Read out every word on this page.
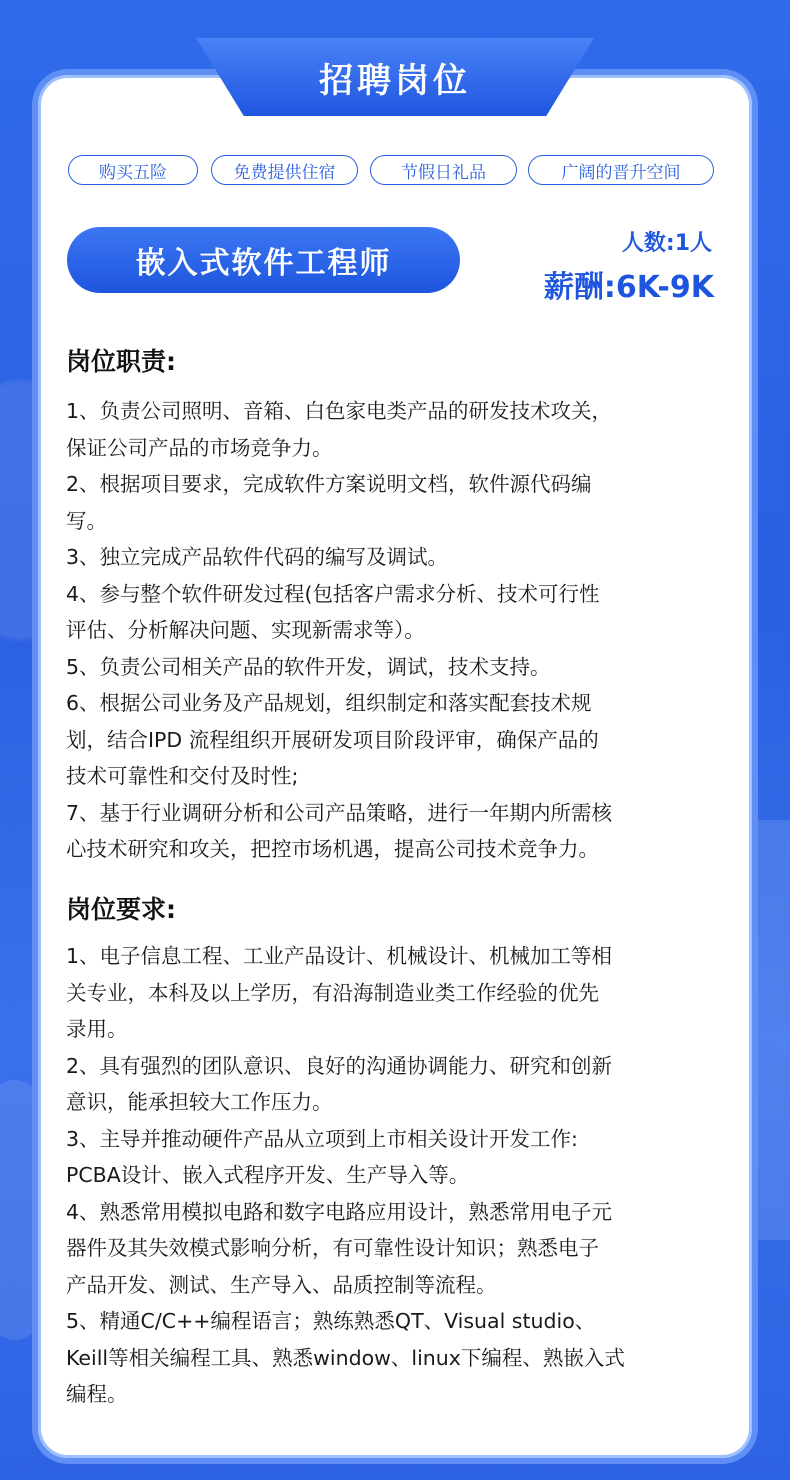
招聘岗位
购买五险	免费提供住宿	节假日礼品	广阔的晋升空间
嵌入式软件工程师
人数:1人
薪酬:6K-9K
岗位职责:
1、负责公司照明、音箱、白色家电类产品的研发技术攻关，
保证公司产品的市场竞争力。
2、根据项目要求，完成软件方案说明文档，软件源代码编
写。
3、独立完成产品软件代码的编写及调试。
4、参与整个软件研发过程(包括客户需求分析、技术可行性
评估、分析解决问题、实现新需求等）。
5、负责公司相关产品的软件开发，调试，技术支持。
6、根据公司业务及产品规划，组织制定和落实配套技术规
划，结合IPD 流程组织开展研发项目阶段评审，确保产品的
技术可靠性和交付及时性;
7、基于行业调研分析和公司产品策略，进行一年期内所需核
心技术研究和攻关，把控市场机遇，提高公司技术竞争力。
岗位要求:
1、电子信息工程、工业产品设计、机械设计、机械加工等相
关专业，本科及以上学历，有沿海制造业类工作经验的优先
录用。
2、具有强烈的团队意识、良好的沟通协调能力、研究和创新
意识，能承担较大工作压力。
3、主导并推动硬件产品从立项到上市相关设计开发工作:
PCBA设计、嵌入式程序开发、生产导入等。
4、熟悉常用模拟电路和数字电路应用设计，熟悉常用电子元
器件及其失效模式影响分析，有可靠性设计知识；熟悉电子
产品开发、测试、生产导入、品质控制等流程。
5、精通C/C++编程语言；熟练熟悉QT、Visual studio、
Keill等相关编程工具、熟悉window、linux下编程、熟嵌入式
编程。
